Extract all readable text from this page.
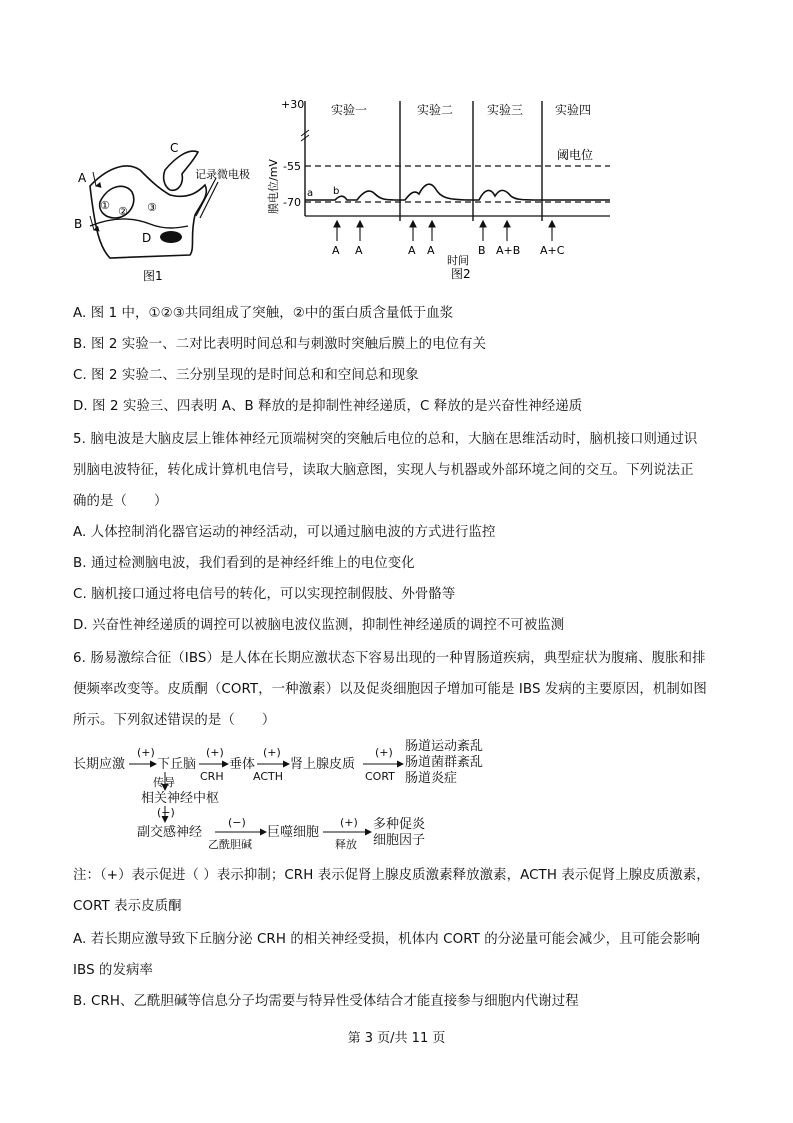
A
B
C
D
① ② ③
记录微电极
图1
+30
-55
-70
膜电位/mV
实验一	实验二	实验三	实验四
阈电位
a b
A A	A A	B A+B A+C
时间
图2
A. 图 1 中，①②③共同组成了突触，②中的蛋白质含量低于血浆
B. 图 2 实验一、二对比表明时间总和与刺激时突触后膜上的电位有关
C. 图 2 实验二、三分别呈现的是时间总和和空间总和现象
D. 图 2 实验三、四表明 A、B 释放的是抑制性神经递质，C 释放的是兴奋性神经递质
5. 脑电波是大脑皮层上锥体神经元顶端树突的突触后电位的总和，大脑在思维活动时，脑机接口则通过识
别脑电波特征，转化成计算机电信号，读取大脑意图，实现人与机器或外部环境之间的交互。下列说法正
确的是（　　）
A. 人体控制消化器官运动的神经活动，可以通过脑电波的方式进行监控
B. 通过检测脑电波，我们看到的是神经纤维上的电位变化
C. 脑机接口通过将电信号的转化，可以实现控制假肢、外骨骼等
D. 兴奋性神经递质的调控可以被脑电波仪监测，抑制性神经递质的调控不可被监测
6. 肠易激综合征（IBS）是人体在长期应激状态下容易出现的一种胃肠道疾病，典型症状为腹痛、腹胀和排
便频率改变等。皮质酮（CORT，一种激素）以及促炎细胞因子增加可能是 IBS 发病的主要原因，机制如图
所示。下列叙述错误的是（　　）
长期应激 下丘脑	垂体	肾上腺皮质
肠道运动紊乱
肠道菌群紊乱
肠道炎症
相关神经中枢
副交感神经	巨噬细胞
多种促炎
细胞因子
(+)	(+)	(+)	(+)
CRH	ACTH	CORT
传导
(−)
(−)
乙酰胆碱
(+)
释放
注：（+）表示促进（ ）表示抑制；CRH 表示促肾上腺皮质激素释放激素，ACTH 表示促肾上腺皮质激素，
CORT 表示皮质酮
A. 若长期应激导致下丘脑分泌 CRH 的相关神经受损，机体内 CORT 的分泌量可能会减少，且可能会影响
IBS 的发病率
B. CRH、乙酰胆碱等信息分子均需要与特异性受体结合才能直接参与细胞内代谢过程
第 3 页/共 11 页
